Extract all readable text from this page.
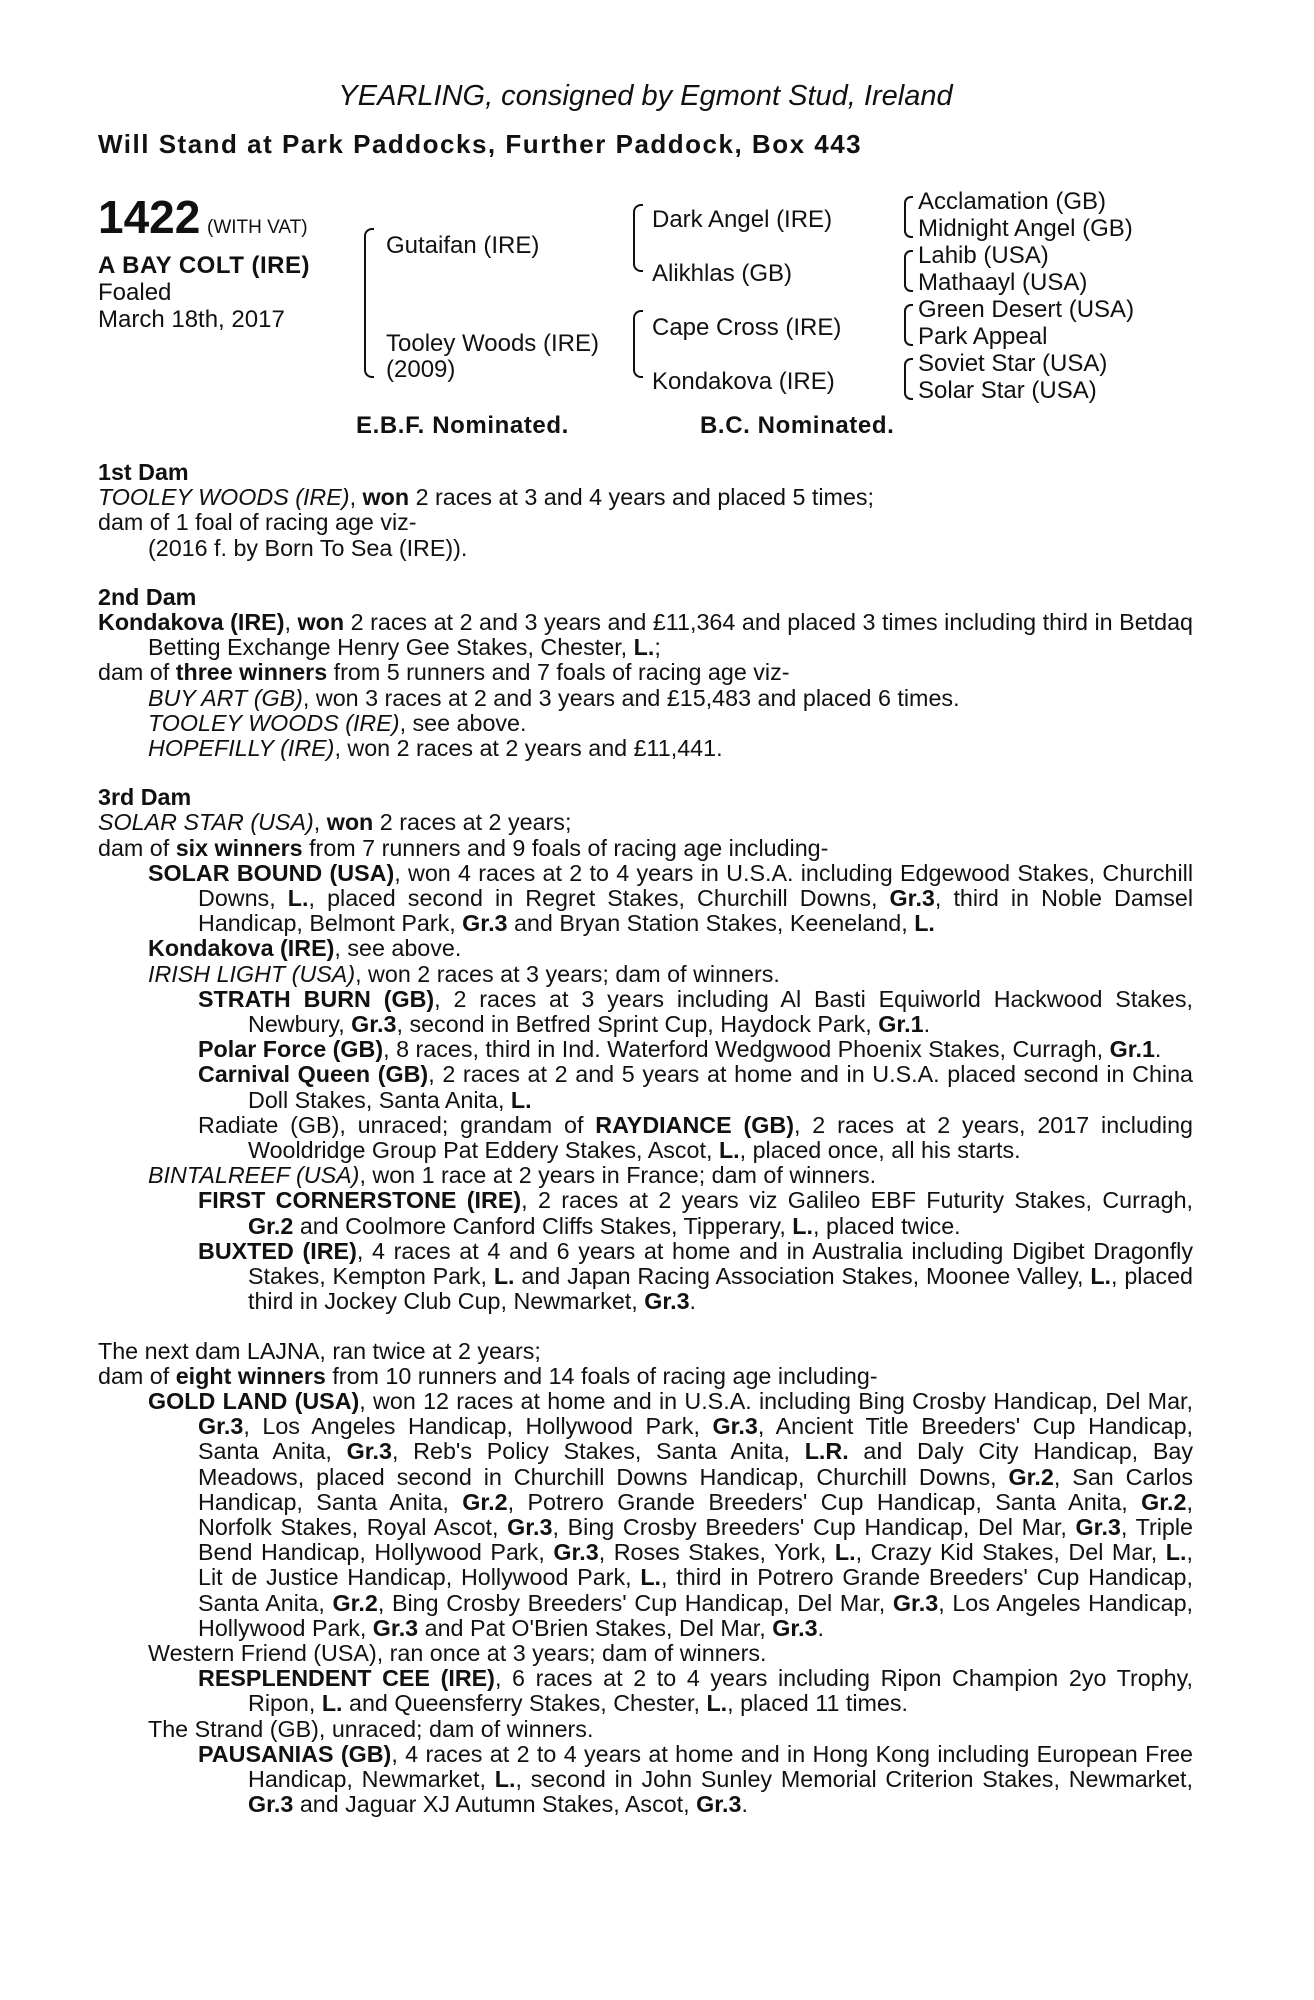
YEARLING, consigned by Egmont Stud, Ireland

Will Stand at Park Paddocks, Further Paddock, Box 443
1422 (WITH VAT)
A BAY COLT (IRE)
Foaled
March 18th, 2017
Gutaifan (IRE)
Tooley Woods (IRE)
(2009)
Dark Angel (IRE)
Alikhlas (GB)
Cape Cross (IRE)
Kondakova (IRE)
Acclamation (GB)
Midnight Angel (GB)
Lahib (USA)
Mathaayl (USA)
Green Desert (USA)
Park Appeal
Soviet Star (USA)
Solar Star (USA)
E.B.F. Nominated.	B.C. Nominated.

1st Dam

TOOLEY WOODS (IRE), won 2 races at 3 and 4 years and placed 5 times;

dam of 1 foal of racing age viz-

(2016 f. by Born To Sea (IRE)).

2nd Dam

Kondakova (IRE), won 2 races at 2 and 3 years and £11,364 and placed 3 times including third in Betdaq Betting Exchange Henry Gee Stakes, Chester, L.;

dam of three winners from 5 runners and 7 foals of racing age viz-

BUY ART (GB), won 3 races at 2 and 3 years and £15,483 and placed 6 times.

TOOLEY WOODS (IRE), see above.

HOPEFILLY (IRE), won 2 races at 2 years and £11,441.

3rd Dam

SOLAR STAR (USA), won 2 races at 2 years;

dam of six winners from 7 runners and 9 foals of racing age including-

SOLAR BOUND (USA), won 4 races at 2 to 4 years in U.S.A. including Edgewood Stakes, Churchill Downs, L., placed second in Regret Stakes, Churchill Downs, Gr.3, third in Noble Damsel Handicap, Belmont Park, Gr.3 and Bryan Station Stakes, Keeneland, L.

Kondakova (IRE), see above.

IRISH LIGHT (USA), won 2 races at 3 years; dam of winners.

STRATH BURN (GB), 2 races at 3 years including Al Basti Equiworld Hackwood Stakes, Newbury, Gr.3, second in Betfred Sprint Cup, Haydock Park, Gr.1.

Polar Force (GB), 8 races, third in Ind. Waterford Wedgwood Phoenix Stakes, Curragh, Gr.1.

Carnival Queen (GB), 2 races at 2 and 5 years at home and in U.S.A. placed second in China Doll Stakes, Santa Anita, L.

Radiate (GB), unraced; grandam of RAYDIANCE (GB), 2 races at 2 years, 2017 including Wooldridge Group Pat Eddery Stakes, Ascot, L., placed once, all his starts.

BINTALREEF (USA), won 1 race at 2 years in France; dam of winners.

FIRST CORNERSTONE (IRE), 2 races at 2 years viz Galileo EBF Futurity Stakes, Curragh, Gr.2 and Coolmore Canford Cliffs Stakes, Tipperary, L., placed twice.

BUXTED (IRE), 4 races at 4 and 6 years at home and in Australia including Digibet Dragonfly Stakes, Kempton Park, L. and Japan Racing Association Stakes, Moonee Valley, L., placed third in Jockey Club Cup, Newmarket, Gr.3.

The next dam LAJNA, ran twice at 2 years;

dam of eight winners from 10 runners and 14 foals of racing age including-

GOLD LAND (USA), won 12 races at home and in U.S.A. including Bing Crosby Handicap, Del Mar, Gr.3, Los Angeles Handicap, Hollywood Park, Gr.3, Ancient Title Breeders' Cup Handicap, Santa Anita, Gr.3, Reb's Policy Stakes, Santa Anita, L.R. and Daly City Handicap, Bay Meadows, placed second in Churchill Downs Handicap, Churchill Downs, Gr.2, San Carlos Handicap, Santa Anita, Gr.2, Potrero Grande Breeders' Cup Handicap, Santa Anita, Gr.2, Norfolk Stakes, Royal Ascot, Gr.3, Bing Crosby Breeders' Cup Handicap, Del Mar, Gr.3, Triple Bend Handicap, Hollywood Park, Gr.3, Roses Stakes, York, L., Crazy Kid Stakes, Del Mar, L., Lit de Justice Handicap, Hollywood Park, L., third in Potrero Grande Breeders' Cup Handicap, Santa Anita, Gr.2, Bing Crosby Breeders' Cup Handicap, Del Mar, Gr.3, Los Angeles Handicap, Hollywood Park, Gr.3 and Pat O'Brien Stakes, Del Mar, Gr.3.

Western Friend (USA), ran once at 3 years; dam of winners.

RESPLENDENT CEE (IRE), 6 races at 2 to 4 years including Ripon Champion 2yo Trophy, Ripon, L. and Queensferry Stakes, Chester, L., placed 11 times.

The Strand (GB), unraced; dam of winners.

PAUSANIAS (GB), 4 races at 2 to 4 years at home and in Hong Kong including European Free Handicap, Newmarket, L., second in John Sunley Memorial Criterion Stakes, Newmarket, Gr.3 and Jaguar XJ Autumn Stakes, Ascot, Gr.3.
